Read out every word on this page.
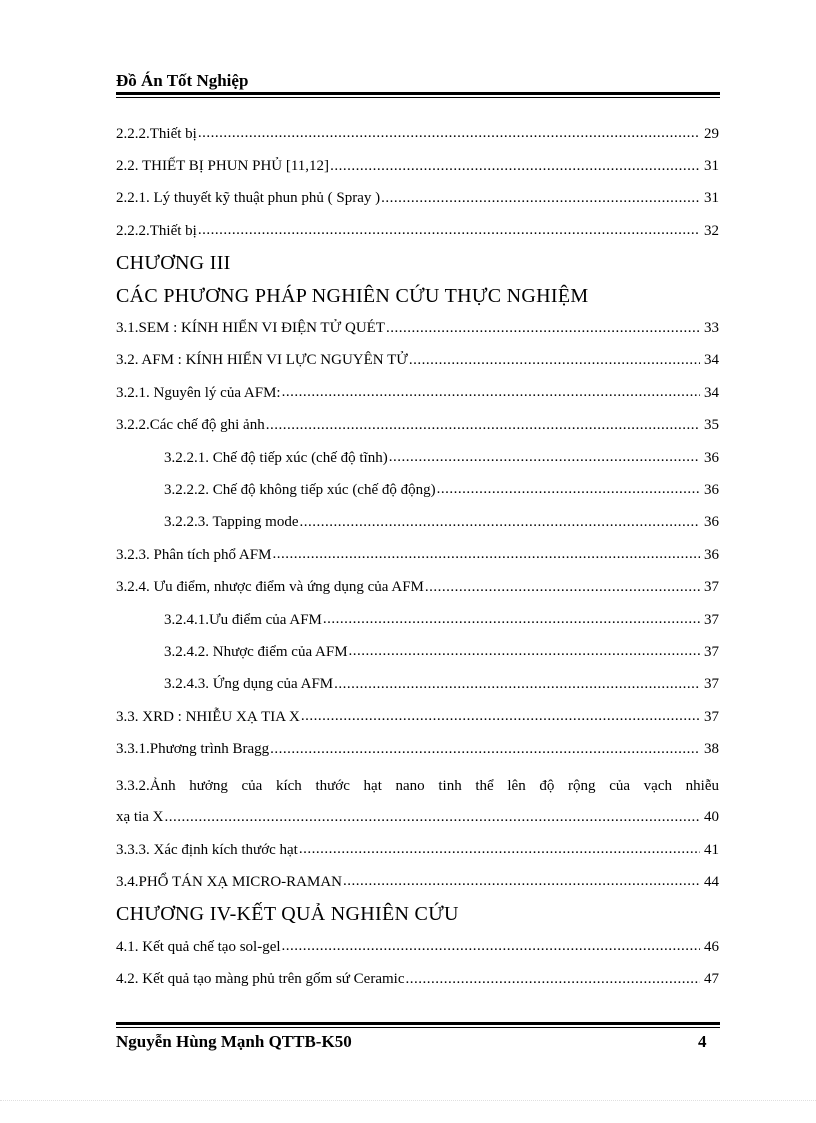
Đồ Án Tốt Nghiệp
2.2.2.Thiết bị .....	29
2.2. THIẾT BỊ PHUN PHỦ [11,12] .....	31
2.2.1. Lý thuyết kỹ thuật phun phủ ( Spray ) .....	31
2.2.2.Thiết bị .....	32
CHƯƠNG III
CÁC PHƯƠNG PHÁP NGHIÊN CỨU THỰC NGHIỆM
3.1.SEM : KÍNH HIỂN VI ĐIỆN TỬ QUÉT .....	33
3.2. AFM : KÍNH HIỂN VI LỰC NGUYÊN TỬ .....	34
3.2.1. Nguyên lý của AFM: .....	34
3.2.2.Các chế độ ghi ảnh .....	35
3.2.2.1. Chế độ tiếp xúc (chế độ tĩnh) .....	36
3.2.2.2. Chế độ không tiếp xúc (chế độ động) .....	36
3.2.2.3. Tapping mode .....	36
3.2.3. Phân tích phổ AFM .....	36
3.2.4. Ưu điểm, nhược điểm và ứng dụng của AFM .....	37
3.2.4.1.Ưu điểm của AFM .....	37
3.2.4.2. Nhược điểm của AFM .....	37
3.2.4.3. Ứng dụng của AFM .....	37
3.3. XRD : NHIỄU XẠ TIA X .....	37
3.3.1.Phương trình Bragg .....	38
3.3.2.Ảnh hưởng của kích thước hạt nano tinh thể lên độ rộng của vạch nhiễu
xạ tia X .....	40
3.3.3. Xác định kích thước hạt .....	41
3.4.PHỔ TÁN XẠ MICRO-RAMAN .....	44
CHƯƠNG IV-KẾT QUẢ NGHIÊN CỨU
4.1. Kết quả chế tạo sol-gel .....	46
4.2. Kết quả tạo màng phủ trên gốm sứ Ceramic .....	47
Nguyễn Hùng Mạnh QTTB-K50	4
